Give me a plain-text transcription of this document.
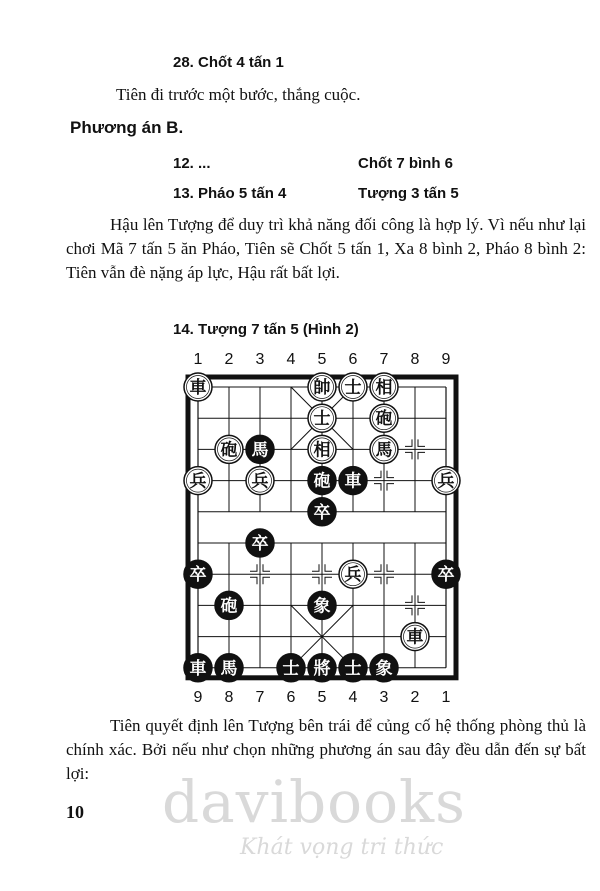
28. Chốt 4 tấn 1
Tiên đi trước một bước, thắng cuộc.
Phương án B.
12. ...	Chốt 7 bình 6
13. Pháo 5 tấn 4	Tượng 3 tấn 5
Hậu lên Tượng để duy trì khả năng đối công là hợp lý. Vì nếu như lại chơi Mã 7 tấn 5 ăn Pháo, Tiên sẽ Chốt 5 tấn 1, Xa 8 bình 2, Pháo 8 bình 2: Tiên vẫn đè nặng áp lực, Hậu rất bất lợi.
14. Tượng 7 tấn 5 (Hình 2)
1 2 3 4 5 6 7 8 9
9 8 7 6 5 4 3 2 1
車	帥 士 相
士	砲
砲 馬	相	馬
兵	兵	砲 車	兵
卒
卒
卒	兵	卒
砲	象
車
車 馬	士 將 士 象
Tiên quyết định lên Tượng bên trái để củng cố hệ thống phòng thủ là chính xác. Bởi nếu như chọn những phương án sau đây đều dẫn đến sự bất lợi:
10 davibooks
Khát vọng tri thức
